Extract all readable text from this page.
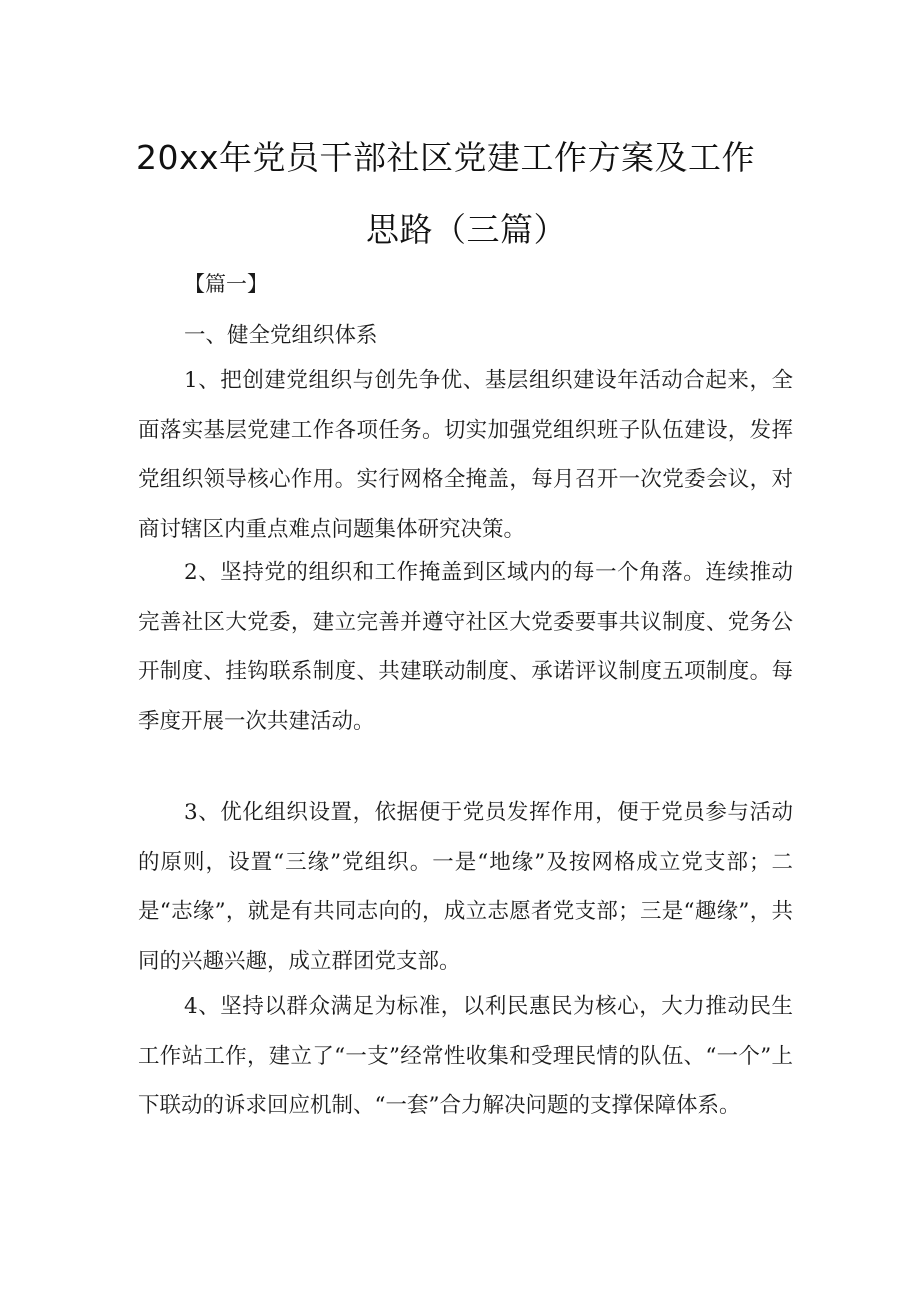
20xx年党员干部社区党建工作方案及工作
思路（三篇）
【篇一】
一、健全党组织体系

1、把创建党组织与创先争优、基层组织建设年活动合起来，全面落实基层党建工作各项任务。切实加强党组织班子队伍建设，发挥党组织领导核心作用。实行网格全掩盖，每月召开一次党委会议，对商讨辖区内重点难点问题集体研究决策。

2、坚持党的组织和工作掩盖到区域内的每一个角落。连续推动完善社区大党委，建立完善并遵守社区大党委要事共议制度、党务公开制度、挂钩联系制度、共建联动制度、承诺评议制度五项制度。每季度开展一次共建活动。

3、优化组织设置，依据便于党员发挥作用，便于党员参与活动的原则，设置“三缘”党组织。一是“地缘”及按网格成立党支部；二是“志缘”，就是有共同志向的，成立志愿者党支部；三是“趣缘”，共同的兴趣兴趣，成立群团党支部。

4、坚持以群众满足为标准，以利民惠民为核心，大力推动民生工作站工作，建立了“一支”经常性收集和受理民情的队伍、“一个”上下联动的诉求回应机制、“一套”合力解决问题的支撑保障体系。
